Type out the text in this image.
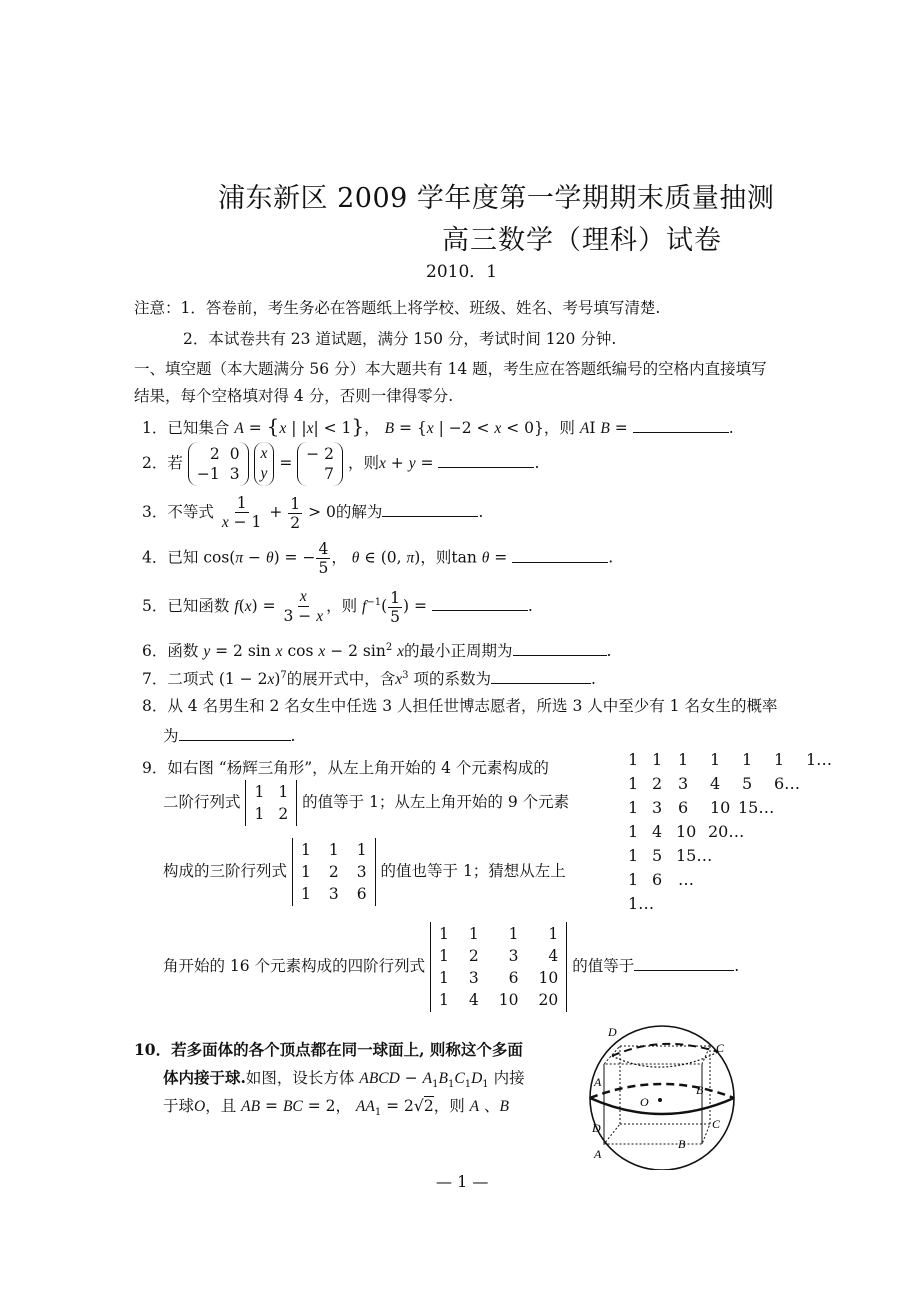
浦东新区 2009 学年度第一学期期末质量抽测
高三数学（理科）试卷
2010．1
注意：1．答卷前，考生务必在答题纸上将学校、班级、姓名、考号填写清楚.
2．本试卷共有 23 道试题，满分 150 分，考试时间 120 分钟.
一、填空题（本大题满分 56 分）本大题共有 14 题，考生应在答题纸编号的空格内直接填写
结果，每个空格填对得 4 分，否则一律得零分.
1．已知集合 A = {x | |x| < 1}， B = {x | −2 < x < 0}，则 AI B =	.
2．若	2 0
−1 3

x
y
= − 2
7
，则x + y =	.
3．不等式 $\frac{1}{x - 1} + \frac{1}{2} > 0$的解为	.
4．已知 cos(π − θ) = − $\frac{4}{5}$ ， θ ∈ (0, π)，则tan θ =	.
5．已知函数 $f(x) = \frac{x}{3 - x}$ ，则 $f^{-1}( \frac{1}{5}$ ) =	.
6．函数 y = 2 sin x cos x − 2 $\sin^2 x$的最小正周期为	.
7．二项式 $(1 - 2x)^7$的展开式中，含$x^3$ 项的系数为	.
8．从 4 名男生和 2 名女生中任选 3 人担任世博志愿者，所选 3 人中至少有 1 名女生的概率
为	.
9．如右图 “杨辉三角形”，从左上角开始的 4 个元素构成的
二阶行列式
1 1
1 2
的值等于 1；从左上角开始的 9 个元素
构成的三阶行列式
1 1 1
1 2 3
1 3 6
的值也等于 1；猜想从左上
角开始的 16 个元素构成的四阶行列式
1 1	1	1
1 2	3	4
1 3	6 10
1 4 10 20
的值等于	.
1 1 1 1 1 1 1…
1 2 3 4 5 6…
1 3 6 10 15…
1 4 10 20…
1 5 15…
1 6 …
1…
10．若多面体的各个顶点都在同一球面上, 则称这个多面
体内接于球.如图，设长方体 ABCD − $A_1B_1C_1D_1$ 内接
于球O，且 AB = BC = 2， $AA_1 = 2√2$，则 A 、B
D
C
A
B
O
D	C
B
A
— 1 —
